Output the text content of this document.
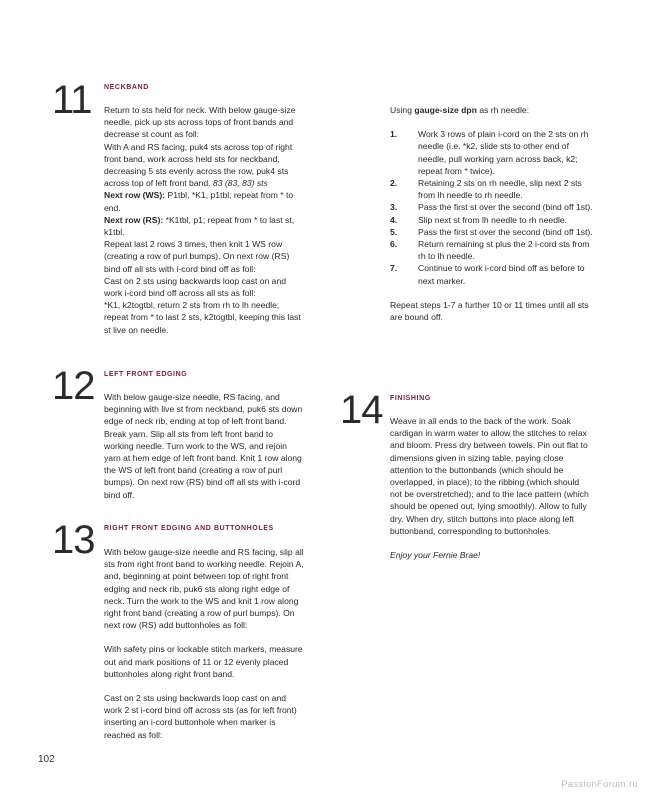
11 NECKBAND

Return to sts held for neck. With below gauge-size needle, pick up sts across tops of front bands and decrease st count as foll:

With A and RS facing, puk4 sts across top of right front band, work across held sts for neckband, decreasing 5 sts evenly across the row, puk4 sts across top of left front band. 83 (83, 83) sts

Next row (WS): P1tbl, *K1, p1tbl; repeat from * to end.

Next row (RS): *K1tbl, p1; repeat from * to last st, k1tbl.

Repeat last 2 rows 3 times, then knit 1 WS row (creating a row of purl bumps). On next row (RS) bind off all sts with i-cord bind off as foll:

Cast on 2 sts using backwards loop cast on and work i-cord bind off across all sts as foll:

*K1, k2togtbl, return 2 sts from rh to lh needle; repeat from * to last 2 sts, k2togtbl, keeping this last st live on needle.

12 LEFT FRONT EDGING

With below gauge-size needle, RS facing, and beginning with live st from neckband, puk6 sts down edge of neck rib, ending at top of left front band. Break yarn. Slip all sts from left front band to working needle. Turn work to the WS, and rejoin yarn at hem edge of left front band. Knit 1 row along the WS of left front band (creating a row of purl bumps). On next row (RS) bind off all sts with i-cord bind off.

13 RIGHT FRONT EDGING AND BUTTONHOLES

With below gauge-size needle and RS facing, slip all sts from right front band to working needle. Rejoin A, and, beginning at point between top of right front edging and neck rib, puk6 sts along right edge of neck. Turn the work to the WS and knit 1 row along right front band (creating a row of purl bumps). On next row (RS) add buttonholes as foll:

With safety pins or lockable stitch markers, measure out and mark positions of 11 or 12 evenly placed buttonholes along right front band.

Cast on 2 sts using backwards loop cast on and work 2 st i-cord bind off across sts (as for left front) inserting an i-cord buttonhole when marker is reached as foll:

Using gauge-size dpn as rh needle:

1.	Work 3 rows of plain i-cord on the 2 sts on rh needle (i.e. *k2, slide sts to other end of needle, pull working yarn across back, k2; repeat from * twice).
2.	Retaining 2 sts on rh needle, slip next 2 sts from lh needle to rh needle.
3.	Pass the first st over the second (bind off 1st).
4.	Slip next st from lh needle to rh needle.
5.	Pass the first st over the second (bind off 1st).
6.	Return remaining st plus the 2 i-cord sts from rh to lh needle.
7.	Continue to work i-cord bind off as before to next marker.

Repeat steps 1-7 a further 10 or 11 times until all sts are bound off.

14 FINISHING

Weave in all ends to the back of the work. Soak cardigan in warm water to allow the stitches to relax and bloom. Press dry between towels. Pin out flat to dimensions given in sizing table, paying close attention to the buttonbands (which should be overlapped, in place); to the ribbing (which should not be overstretched); and to the lace pattern (which should be opened out, lying smoothly). Allow to fully dry. When dry, stitch buttons into place along left buttonband, corresponding to buttonholes.

Enjoy your Fernie Brae!

102
PassionForum.ru
